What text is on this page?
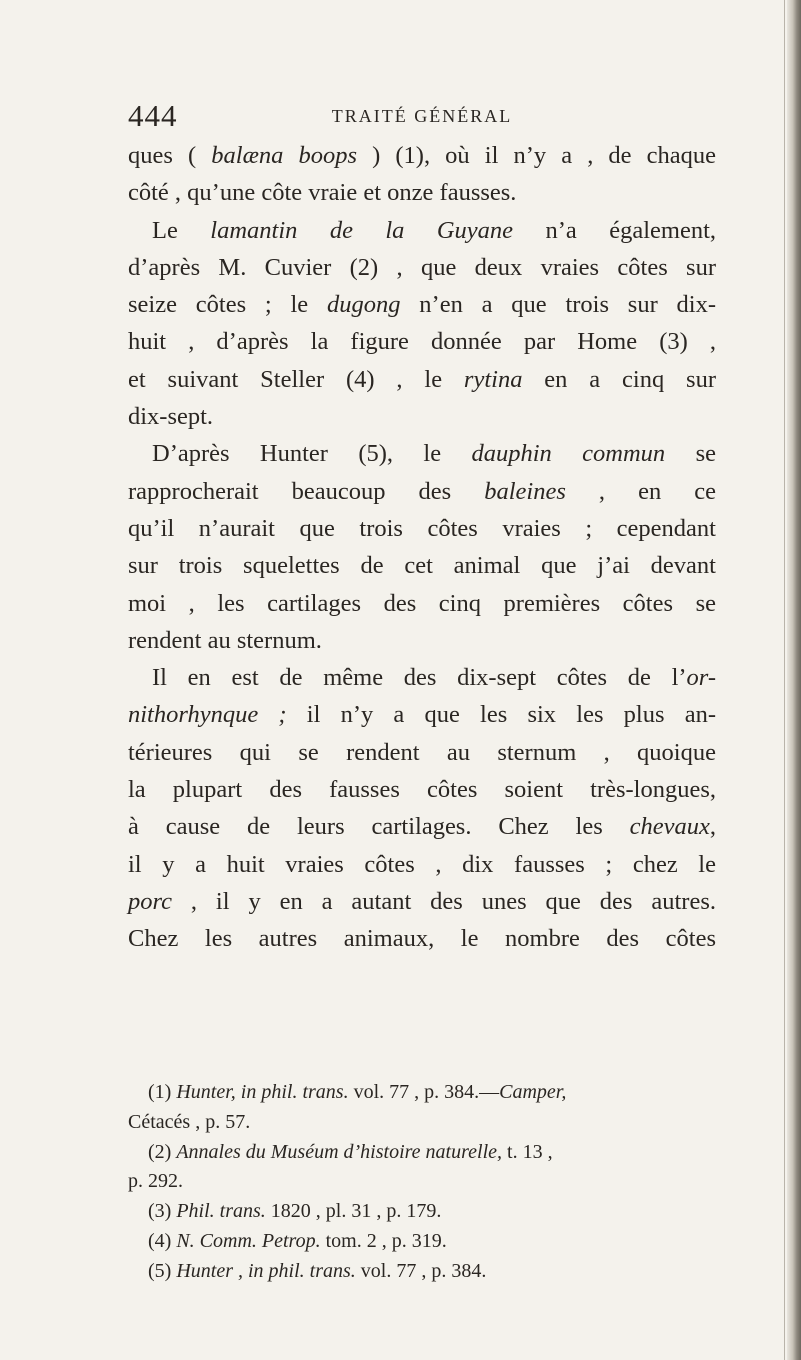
444	TRAITÉ GÉNÉRAL
ques ( balæna boops ) (1), où il n’y a , de chaque
côté , qu’une côte vraie et onze fausses.
Le lamantin de la Guyane n’a également,
d’après M. Cuvier (2) , que deux vraies côtes sur
seize côtes ; le dugong n’en a que trois sur dix-
huit , d’après la figure donnée par Home (3) ,
et suivant Steller (4) , le rytina en a cinq sur
dix-sept.
D’après Hunter (5), le dauphin commun se
rapprocherait beaucoup des baleines , en ce
qu’il n’aurait que trois côtes vraies ; cependant
sur trois squelettes de cet animal que j’ai devant
moi , les cartilages des cinq premières côtes se
rendent au sternum.
Il en est de même des dix-sept côtes de l’or-
nithorhynque ; il n’y a que les six les plus an-
térieures qui se rendent au sternum , quoique
la plupart des fausses côtes soient très-longues,
à cause de leurs cartilages. Chez les chevaux,
il y a huit vraies côtes , dix fausses ; chez le
porc , il y en a autant des unes que des autres.
Chez les autres animaux, le nombre des côtes
(1) Hunter, in phil. trans. vol. 77 , p. 384.—Camper,
Cétacés , p. 57.
(2) Annales du Muséum d’histoire naturelle, t. 13 ,
p. 292.
(3) Phil. trans. 1820 , pl. 31 , p. 179.
(4) N. Comm. Petrop. tom. 2 , p. 319.
(5) Hunter , in phil. trans. vol. 77 , p. 384.
